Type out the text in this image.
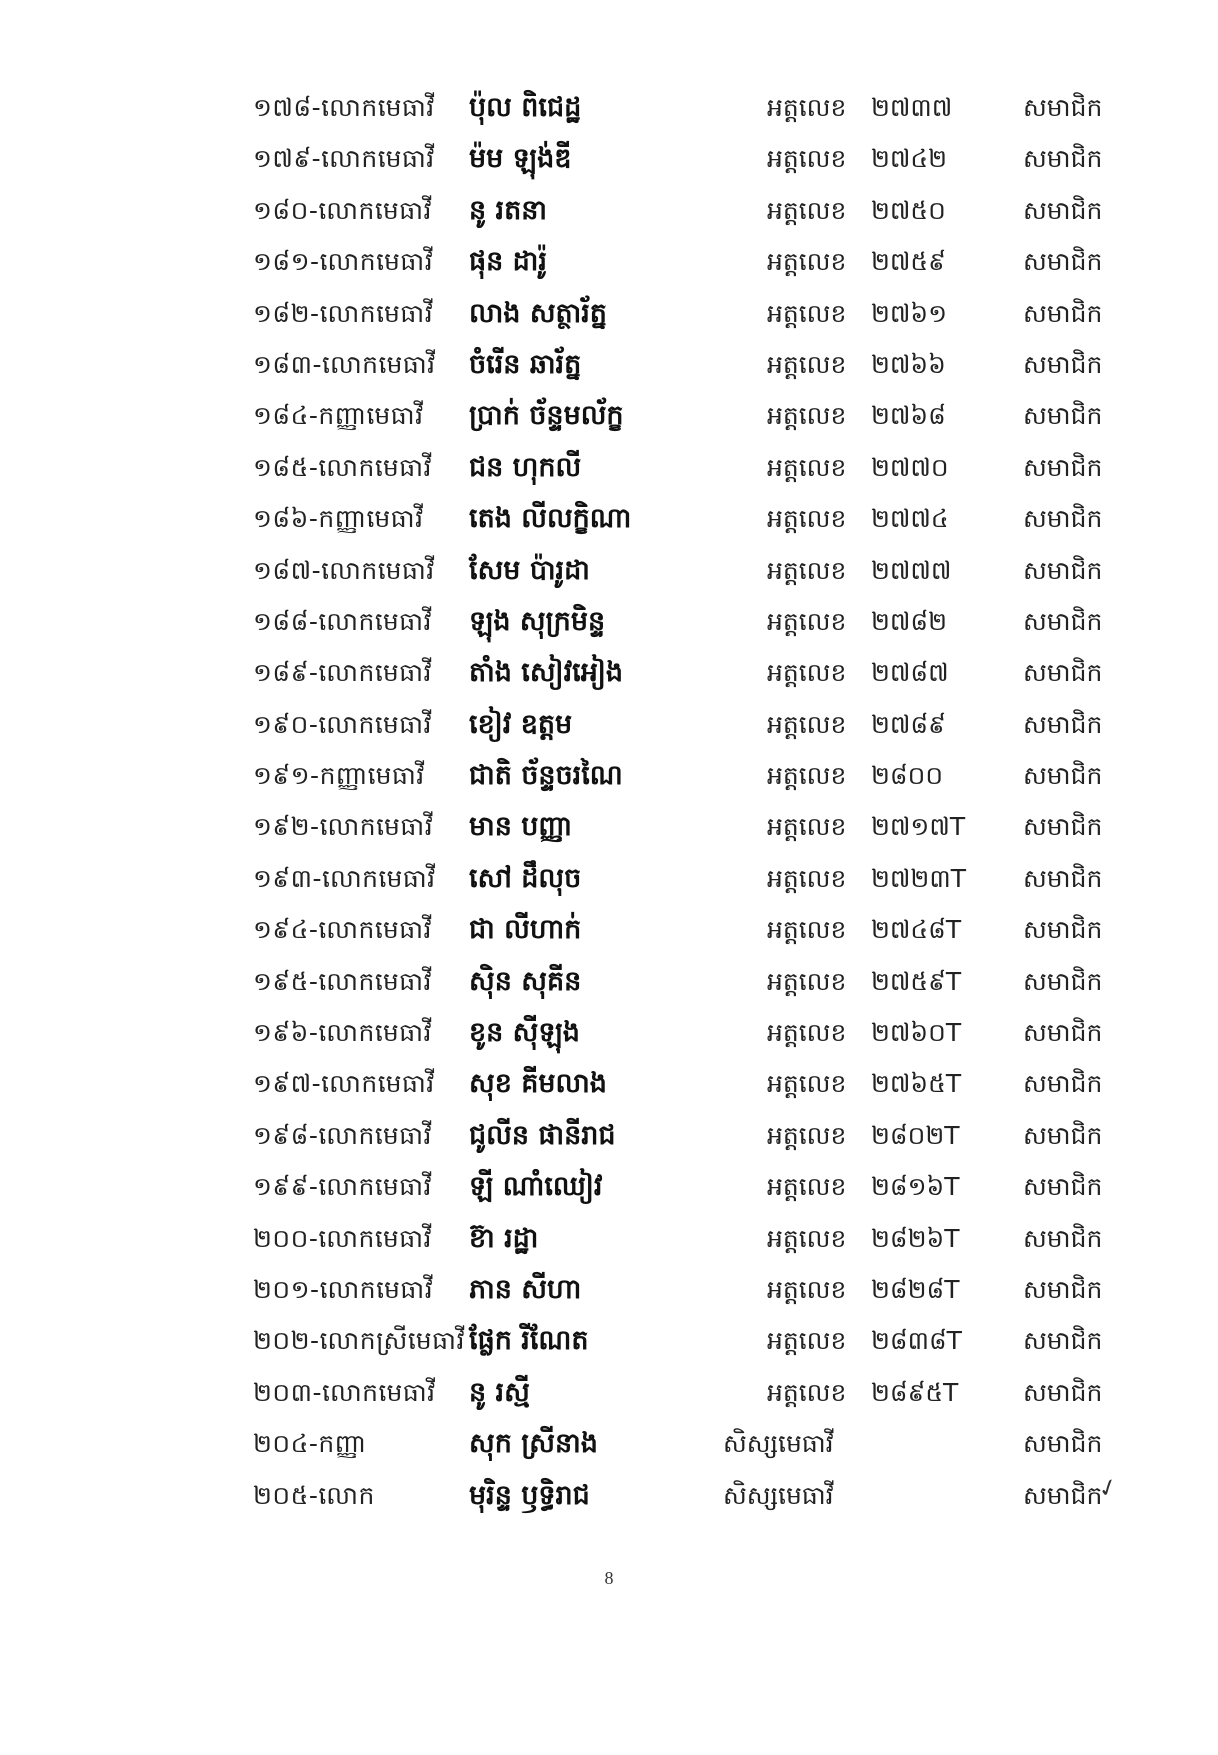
១៧៨-លោកមេធាវី ប៉ុល ពិជេដ្ឋ	អត្តលេខ ២៧៣៧	សមាជិក
១៧៩-លោកមេធាវី ម៉ម ឡុង់ឌី	អត្តលេខ ២៧៤២	សមាជិក
១៨០-លោកមេធាវី នូ រតនា	អត្តលេខ ២៧៥០	សមាជិក
១៨១-លោកមេធាវី ផុន ដារ៉ូ	អត្តលេខ ២៧៥៩	សមាជិក
១៨២-លោកមេធាវី លាង សត្ថារ័ត្ន	អត្តលេខ ២៧៦១	សមាជិក
១៨៣-លោកមេធាវី ចំរើន ឆារ័ត្ន	អត្តលេខ ២៧៦៦	សមាជិក
១៨៤-កញ្ញាមេធាវី ប្រាក់ ច័ន្ទមល័ក្ខ	អត្តលេខ ២៧៦៨	សមាជិក
១៨៥-លោកមេធាវី ជន ហុកលី	អត្តលេខ ២៧៧០	សមាជិក
១៨៦-កញ្ញាមេធាវី តេង លីលក្ខិណា	អត្តលេខ ២៧៧៤	សមាជិក
១៨៧-លោកមេធាវី សែម ប៉ារូដា	អត្តលេខ ២៧៧៧	សមាជិក
១៨៨-លោកមេធាវី ឡុង សុក្រមិន្ទ	អត្តលេខ ២៧៨២	សមាជិក
១៨៩-លោកមេធាវី តាំង សៀវអៀង	អត្តលេខ ២៧៨៧	សមាជិក
១៩០-លោកមេធាវី ខៀវ ឧត្តម	អត្តលេខ ២៧៨៩	សមាជិក
១៩១-កញ្ញាមេធាវី ជាតិ ច័ន្ទចរណៃ	អត្តលេខ ២៨០០	សមាជិក
១៩២-លោកមេធាវី មាន បញ្ញា	អត្តលេខ ២៧១៧T សមាជិក
១៩៣-លោកមេធាវី សៅ ដឹលុច	អត្តលេខ ២៧២៣T សមាជិក
១៩៤-លោកមេធាវី ជា លីហាក់	អត្តលេខ ២៧៤៨T សមាជិក
១៩៥-លោកមេធាវី ស៊ិន សុគីន	អត្តលេខ ២៧៥៩T សមាជិក
១៩៦-លោកមេធាវី ខូន ស៊ីឡុង	អត្តលេខ ២៧៦០T សមាជិក
១៩៧-លោកមេធាវី សុខ គីមលាង	អត្តលេខ ២៧៦៥T សមាជិក
១៩៨-លោកមេធាវី ជូលីន ផានីរាជ	អត្តលេខ ២៨០២T	សមាជិក
១៩៩-លោកមេធាវី ឡី ណាំឈៀវ	អត្តលេខ ២៨១៦T	សមាជិក
២០០-លោកមេធាវី ខ៊ា រដ្ឋា	អត្តលេខ ២៨២៦T	សមាជិក
២០១-លោកមេធាវី ភាន សីហា	អត្តលេខ ២៨២៨T	សមាជិក
២០២-លោកស្រីមេធាវី ផ្លែក រីណែត	អត្តលេខ ២៨៣៨T សមាជិក
២០៣-លោកមេធាវី នូ រស្មី	អត្តលេខ ២៨៩៥T	សមាជិក
២០៤-កញ្ញា	សុក ស្រីនាង	សិស្សមេធាវី	សមាជិក
២០៥-លោក	មុរិន្ទ ឫទ្ធិរាជ	សិស្សមេធាវី	សមាជិក
✓
8
